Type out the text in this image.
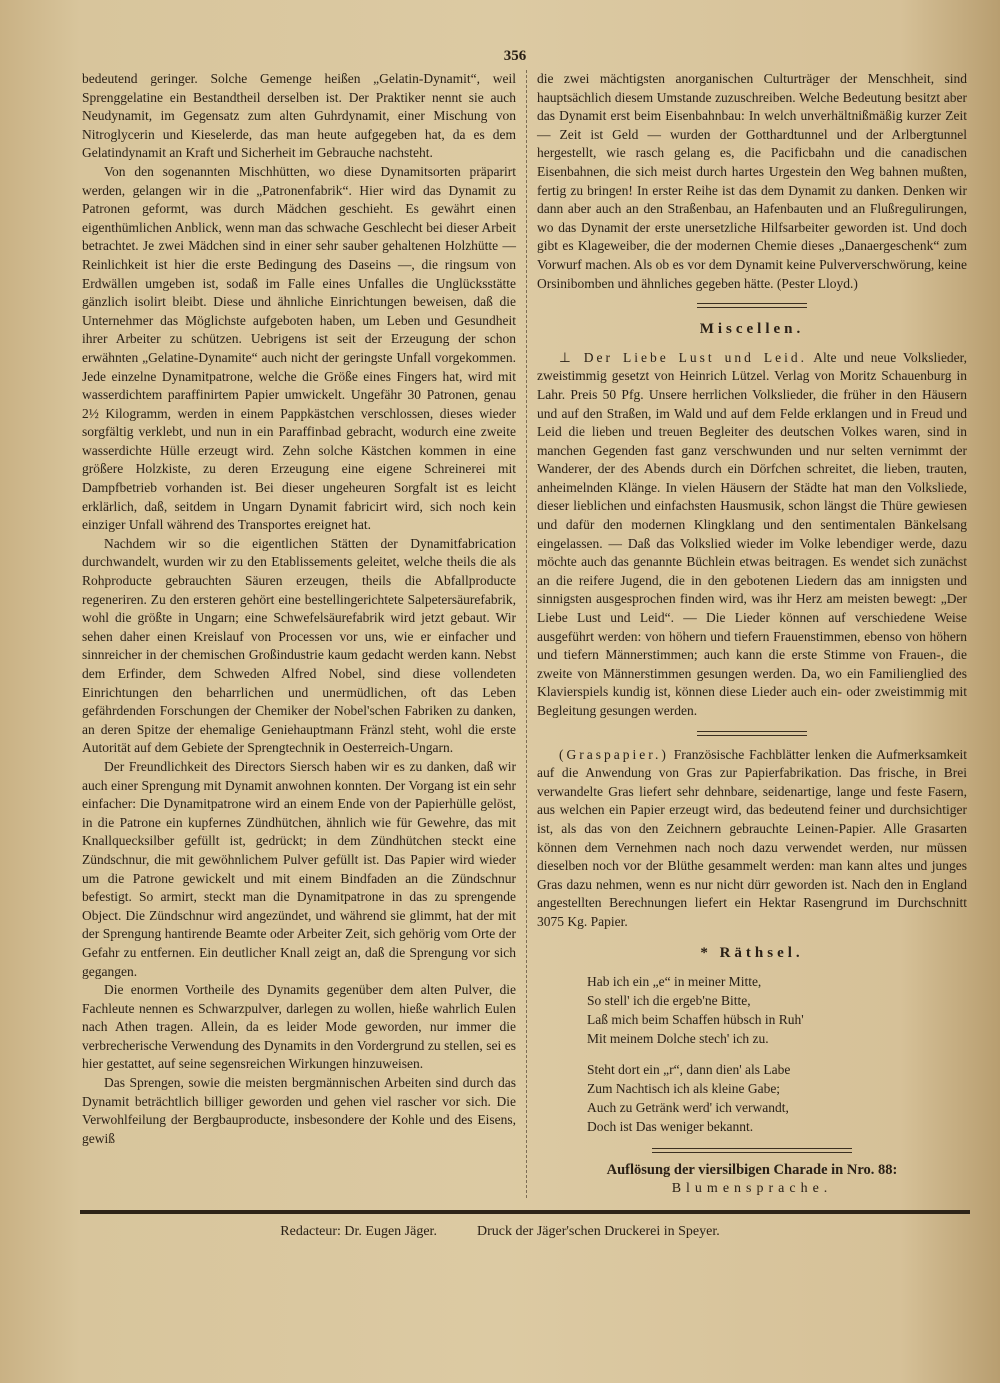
356

bedeutend geringer. Solche Gemenge heißen „Gelatin-Dynamit“, weil Sprenggelatine ein Bestandtheil derselben ist. Der Praktiker nennt sie auch Neudynamit, im Gegensatz zum alten Guhrdynamit, einer Mischung von Nitroglycerin und Kieselerde, das man heute aufgegeben hat, da es dem Gelatindynamit an Kraft und Sicherheit im Gebrauche nachsteht.

Von den sogenannten Mischhütten, wo diese Dynamitsorten präparirt werden, gelangen wir in die „Patronenfabrik“. Hier wird das Dynamit zu Patronen geformt, was durch Mädchen geschieht. Es gewährt einen eigenthümlichen Anblick, wenn man das schwache Geschlecht bei dieser Arbeit betrachtet. Je zwei Mädchen sind in einer sehr sauber gehaltenen Holzhütte — Reinlichkeit ist hier die erste Bedingung des Daseins —, die ringsum von Erdwällen umgeben ist, sodaß im Falle eines Unfalles die Unglücksstätte gänzlich isolirt bleibt. Diese und ähnliche Einrichtungen beweisen, daß die Unternehmer das Möglichste aufgeboten haben, um Leben und Gesundheit ihrer Arbeiter zu schützen. Uebrigens ist seit der Erzeugung der schon erwähnten „Gelatine-Dynamite“ auch nicht der geringste Unfall vorgekommen. Jede einzelne Dynamitpatrone, welche die Größe eines Fingers hat, wird mit wasserdichtem paraffinirtem Papier umwickelt. Ungefähr 30 Patronen, genau 2½ Kilogramm, werden in einem Pappkästchen verschlossen, dieses wieder sorgfältig verklebt, und nun in ein Paraffinbad gebracht, wodurch eine zweite wasserdichte Hülle erzeugt wird. Zehn solche Kästchen kommen in eine größere Holzkiste, zu deren Erzeugung eine eigene Schreinerei mit Dampfbetrieb vorhanden ist. Bei dieser ungeheuren Sorgfalt ist es leicht erklärlich, daß, seitdem in Ungarn Dynamit fabricirt wird, sich noch kein einziger Unfall während des Transportes ereignet hat.

Nachdem wir so die eigentlichen Stätten der Dynamitfabrication durchwandelt, wurden wir zu den Etablissements geleitet, welche theils die als Rohproducte gebrauchten Säuren erzeugen, theils die Abfallproducte regeneriren. Zu den ersteren gehört eine bestellingerichtete Salpetersäurefabrik, wohl die größte in Ungarn; eine Schwefelsäurefabrik wird jetzt gebaut. Wir sehen daher einen Kreislauf von Processen vor uns, wie er einfacher und sinnreicher in der chemischen Großindustrie kaum gedacht werden kann. Nebst dem Erfinder, dem Schweden Alfred Nobel, sind diese vollendeten Einrichtungen den beharrlichen und unermüdlichen, oft das Leben gefährdenden Forschungen der Chemiker der Nobel'schen Fabriken zu danken, an deren Spitze der ehemalige Geniehauptmann Fränzl steht, wohl die erste Autorität auf dem Gebiete der Sprengtechnik in Oesterreich-Ungarn.

Der Freundlichkeit des Directors Siersch haben wir es zu danken, daß wir auch einer Sprengung mit Dynamit anwohnen konnten. Der Vorgang ist ein sehr einfacher: Die Dynamitpatrone wird an einem Ende von der Papierhülle gelöst, in die Patrone ein kupfernes Zündhütchen, ähnlich wie für Gewehre, das mit Knallquecksilber gefüllt ist, gedrückt; in dem Zündhütchen steckt eine Zündschnur, die mit gewöhnlichem Pulver gefüllt ist. Das Papier wird wieder um die Patrone gewickelt und mit einem Bindfaden an die Zündschnur befestigt. So armirt, steckt man die Dynamitpatrone in das zu sprengende Object. Die Zündschnur wird angezündet, und während sie glimmt, hat der mit der Sprengung hantirende Beamte oder Arbeiter Zeit, sich gehörig vom Orte der Gefahr zu entfernen. Ein deutlicher Knall zeigt an, daß die Sprengung vor sich gegangen.

Die enormen Vortheile des Dynamits gegenüber dem alten Pulver, die Fachleute nennen es Schwarzpulver, darlegen zu wollen, hieße wahrlich Eulen nach Athen tragen. Allein, da es leider Mode geworden, nur immer die verbrecherische Verwendung des Dynamits in den Vordergrund zu stellen, sei es hier gestattet, auf seine segensreichen Wirkungen hinzuweisen.

Das Sprengen, sowie die meisten bergmännischen Arbeiten sind durch das Dynamit beträchtlich billiger geworden und gehen viel rascher vor sich. Die Verwohlfeilung der Bergbauproducte, insbesondere der Kohle und des Eisens, gewiß

die zwei mächtigsten anorganischen Culturträger der Menschheit, sind hauptsächlich diesem Umstande zuzuschreiben. Welche Bedeutung besitzt aber das Dynamit erst beim Eisenbahnbau: In welch unverhältnißmäßig kurzer Zeit — Zeit ist Geld — wurden der Gotthardtunnel und der Arlbergtunnel hergestellt, wie rasch gelang es, die Pacificbahn und die canadischen Eisenbahnen, die sich meist durch hartes Urgestein den Weg bahnen mußten, fertig zu bringen! In erster Reihe ist das dem Dynamit zu danken. Denken wir dann aber auch an den Straßenbau, an Hafenbauten und an Flußregulirungen, wo das Dynamit der erste unersetzliche Hilfsarbeiter geworden ist. Und doch gibt es Klageweiber, die der modernen Chemie dieses „Danaergeschenk“ zum Vorwurf machen. Als ob es vor dem Dynamit keine Pulververschwörung, keine Orsinibomben und ähnliches gegeben hätte. (Pester Lloyd.)

Miscellen.

⊥ Der Liebe Lust und Leid. Alte und neue Volkslieder, zweistimmig gesetzt von Heinrich Lützel. Verlag von Moritz Schauenburg in Lahr. Preis 50 Pfg. Unsere herrlichen Volkslieder, die früher in den Häusern und auf den Straßen, im Wald und auf dem Felde erklangen und in Freud und Leid die lieben und treuen Begleiter des deutschen Volkes waren, sind in manchen Gegenden fast ganz verschwunden und nur selten vernimmt der Wanderer, der des Abends durch ein Dörfchen schreitet, die lieben, trauten, anheimelnden Klänge. In vielen Häusern der Städte hat man den Volksliede, dieser lieblichen und einfachsten Hausmusik, schon längst die Thüre gewiesen und dafür den modernen Klingklang und den sentimentalen Bänkelsang eingelassen. — Daß das Volkslied wieder im Volke lebendiger werde, dazu möchte auch das genannte Büchlein etwas beitragen. Es wendet sich zunächst an die reifere Jugend, die in den gebotenen Liedern das am innigsten und sinnigsten ausgesprochen finden wird, was ihr Herz am meisten bewegt: „Der Liebe Lust und Leid“. — Die Lieder können auf verschiedene Weise ausgeführt werden: von höhern und tiefern Frauenstimmen, ebenso von höhern und tiefern Männerstimmen; auch kann die erste Stimme von Frauen-, die zweite von Männerstimmen gesungen werden. Da, wo ein Familienglied des Klavierspiels kundig ist, können diese Lieder auch ein- oder zweistimmig mit Begleitung gesungen werden.

(Graspapier.) Französische Fachblätter lenken die Aufmerksamkeit auf die Anwendung von Gras zur Papierfabrikation. Das frische, in Brei verwandelte Gras liefert sehr dehnbare, seidenartige, lange und feste Fasern, aus welchen ein Papier erzeugt wird, das bedeutend feiner und durchsichtiger ist, als das von den Zeichnern gebrauchte Leinen-Papier. Alle Grasarten können dem Vernehmen nach noch dazu verwendet werden, nur müssen dieselben noch vor der Blüthe gesammelt werden: man kann altes und junges Gras dazu nehmen, wenn es nur nicht dürr geworden ist. Nach den in England angestellten Berechnungen liefert ein Hektar Rasengrund im Durchschnitt 3075 Kg. Papier.

* Räthsel.
Hab ich ein „e“ in meiner Mitte,
So stell' ich die ergeb'ne Bitte,
Laß mich beim Schaffen hübsch in Ruh'
Mit meinem Dolche stech' ich zu.
Steht dort ein „r“, dann dien' als Labe
Zum Nachtisch ich als kleine Gabe;
Auch zu Getränk werd' ich verwandt,
Doch ist Das weniger bekannt.
Auflösung der viersilbigen Charade in Nro. 88:
Blumensprache.
Redacteur: Dr. Eugen Jäger.	Druck der Jäger'schen Druckerei in Speyer.
